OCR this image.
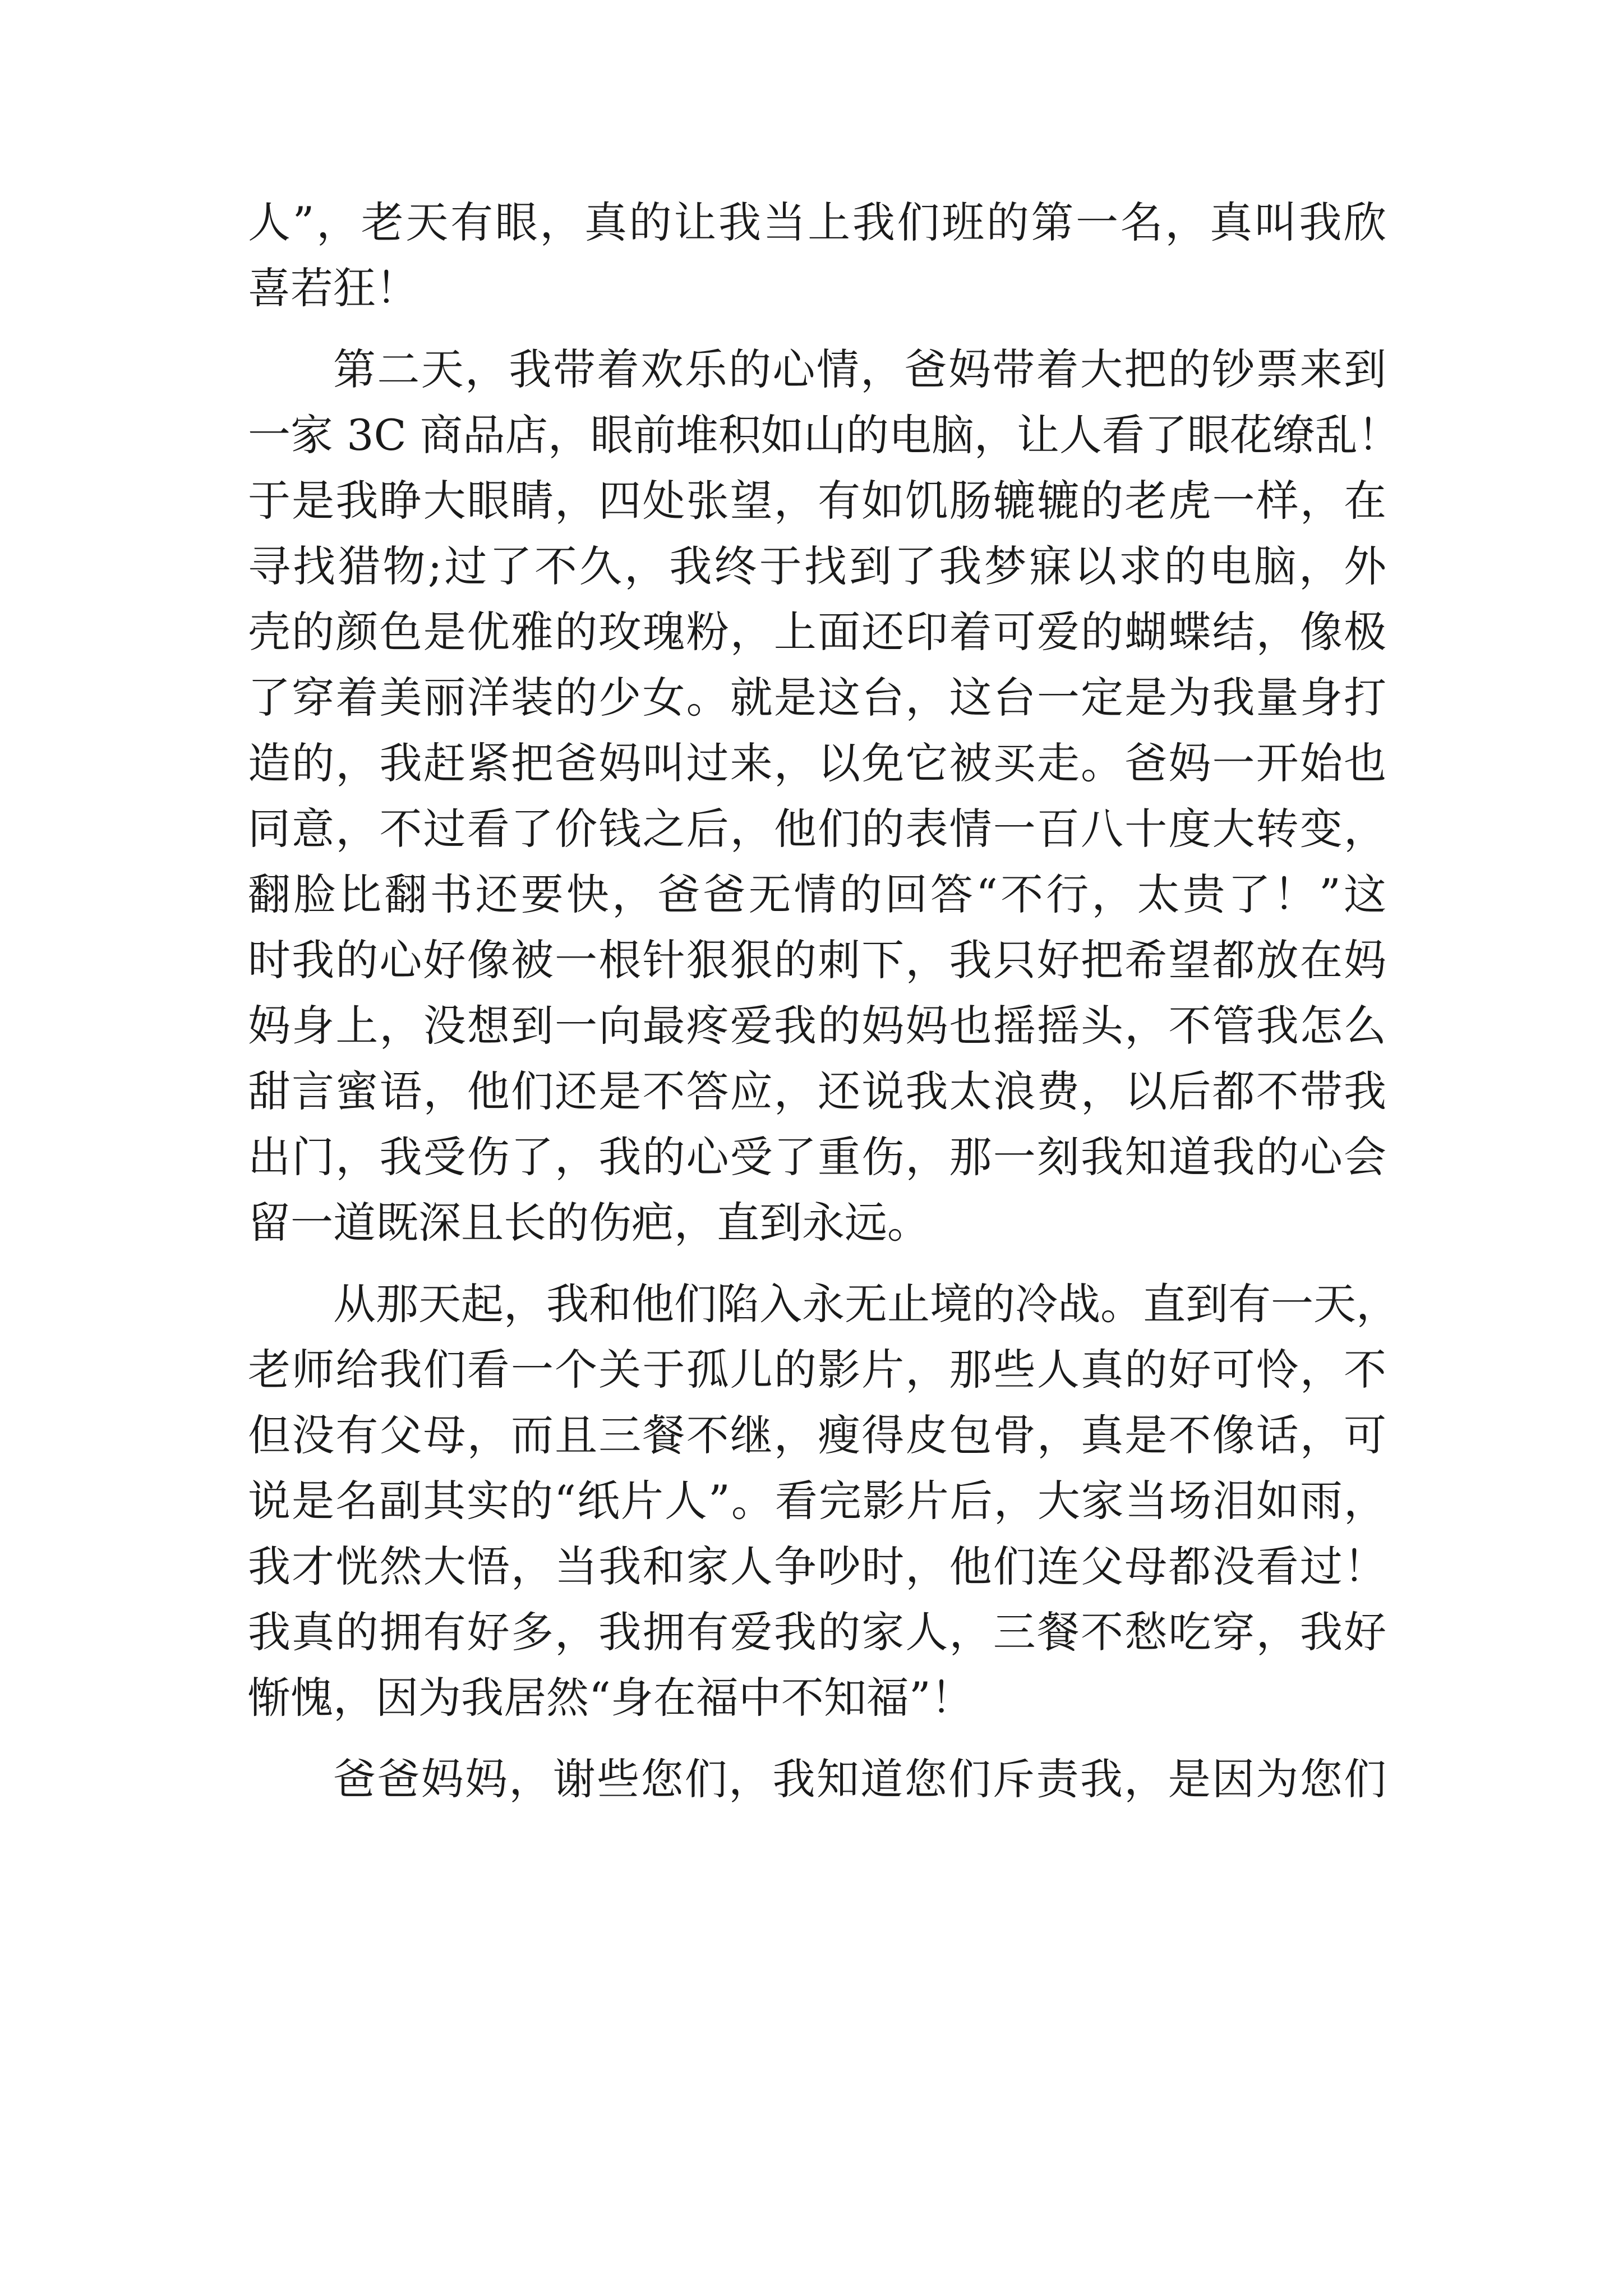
人”，老天有眼，真的让我当上我们班的第一名，真叫我欣
喜若狂！
第二天，我带着欢乐的心情，爸妈带着大把的钞票来到
一家 3C 商品店，眼前堆积如山的电脑，让人看了眼花缭乱！
于是我睁大眼睛，四处张望，有如饥肠辘辘的老虎一样，在
寻找猎物;过了不久，我终于找到了我梦寐以求的电脑，外
壳的颜色是优雅的玫瑰粉，上面还印着可爱的蝴蝶结，像极
了穿着美丽洋装的少女。就是这台，这台一定是为我量身打
造的，我赶紧把爸妈叫过来，以免它被买走。爸妈一开始也
同意，不过看了价钱之后，他们的表情一百八十度大转变，
翻脸比翻书还要快，爸爸无情的回答“不行，太贵了！”这
时我的心好像被一根针狠狠的刺下，我只好把希望都放在妈
妈身上，没想到一向最疼爱我的妈妈也摇摇头，不管我怎么
甜言蜜语，他们还是不答应，还说我太浪费，以后都不带我
出门，我受伤了，我的心受了重伤，那一刻我知道我的心会
留一道既深且长的伤疤，直到永远。
从那天起，我和他们陷入永无止境的冷战。直到有一天，
老师给我们看一个关于孤儿的影片，那些人真的好可怜，不
但没有父母，而且三餐不继，瘦得皮包骨，真是不像话，可
说是名副其实的“纸片人”。看完影片后，大家当场泪如雨，
我才恍然大悟，当我和家人争吵时，他们连父母都没看过！
我真的拥有好多，我拥有爱我的家人，三餐不愁吃穿，我好
惭愧，因为我居然“身在福中不知福”！
爸爸妈妈，谢些您们，我知道您们斥责我，是因为您们
